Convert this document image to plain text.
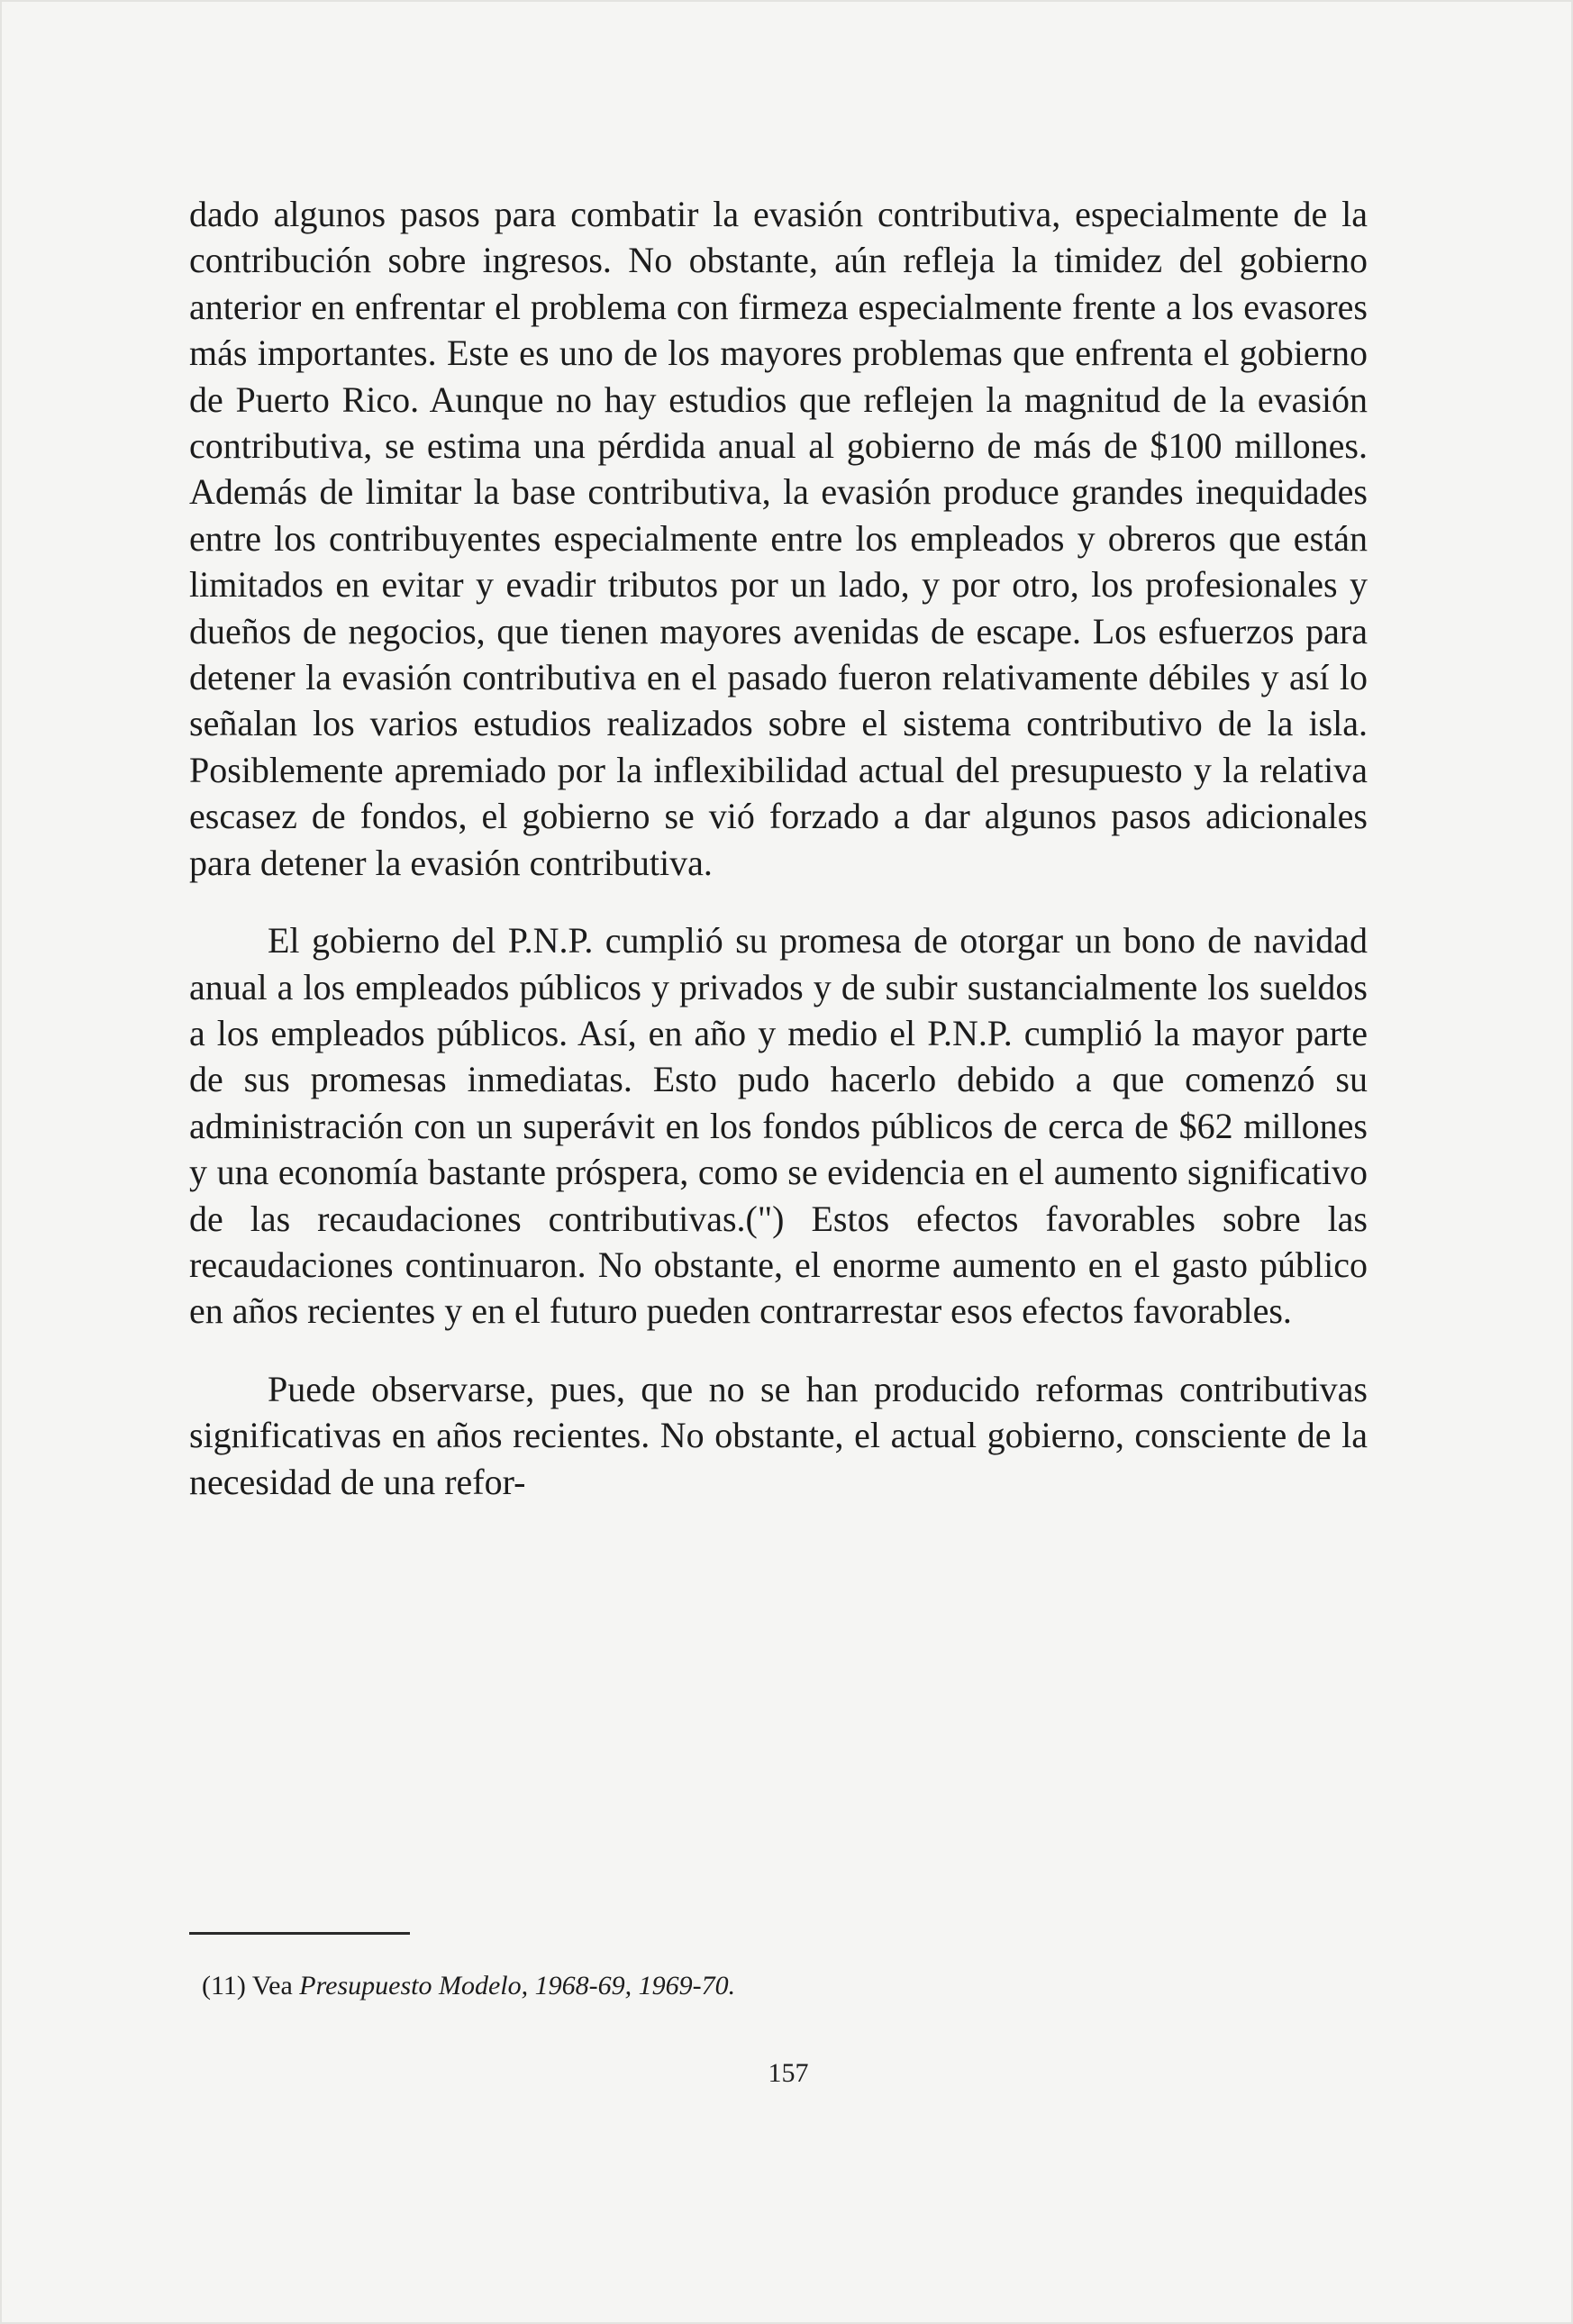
dado algunos pasos para combatir la evasión contributiva, especialmente de la contribución sobre ingresos. No obstante, aún refleja la timidez del gobierno anterior en enfrentar el problema con firmeza especialmente frente a los evasores más importantes. Este es uno de los mayores problemas que enfrenta el gobierno de Puerto Rico. Aunque no hay estudios que reflejen la magnitud de la evasión contributiva, se estima una pérdida anual al gobierno de más de $100 millones. Además de limitar la base contributiva, la evasión produce grandes inequidades entre los contribuyentes especialmente entre los empleados y obreros que están limitados en evitar y evadir tributos por un lado, y por otro, los profesionales y dueños de negocios, que tienen mayores avenidas de escape. Los esfuerzos para detener la evasión contributiva en el pasado fueron relativamente débiles y así lo señalan los varios estudios realizados sobre el sistema contributivo de la isla. Posiblemente apremiado por la inflexibilidad actual del presupuesto y la relativa escasez de fondos, el gobierno se vió forzado a dar algunos pasos adicionales para detener la evasión contributiva.

El gobierno del P.N.P. cumplió su promesa de otorgar un bono de navidad anual a los empleados públicos y privados y de subir sustancialmente los sueldos a los empleados públicos. Así, en año y medio el P.N.P. cumplió la mayor parte de sus promesas inmediatas. Esto pudo hacerlo debido a que comenzó su administración con un superávit en los fondos públicos de cerca de $62 millones y una economía bastante próspera, como se evidencia en el aumento significativo de las recaudaciones contributivas.(") Estos efectos favorables sobre las recaudaciones continuaron. No obstante, el enorme aumento en el gasto público en años recientes y en el futuro pueden contrarrestar esos efectos favorables.

Puede observarse, pues, que no se han producido reformas contributivas significativas en años recientes. No obstante, el actual gobierno, consciente de la necesidad de una refor-

(11) Vea Presupuesto Modelo, 1968-69, 1969-70.
157
